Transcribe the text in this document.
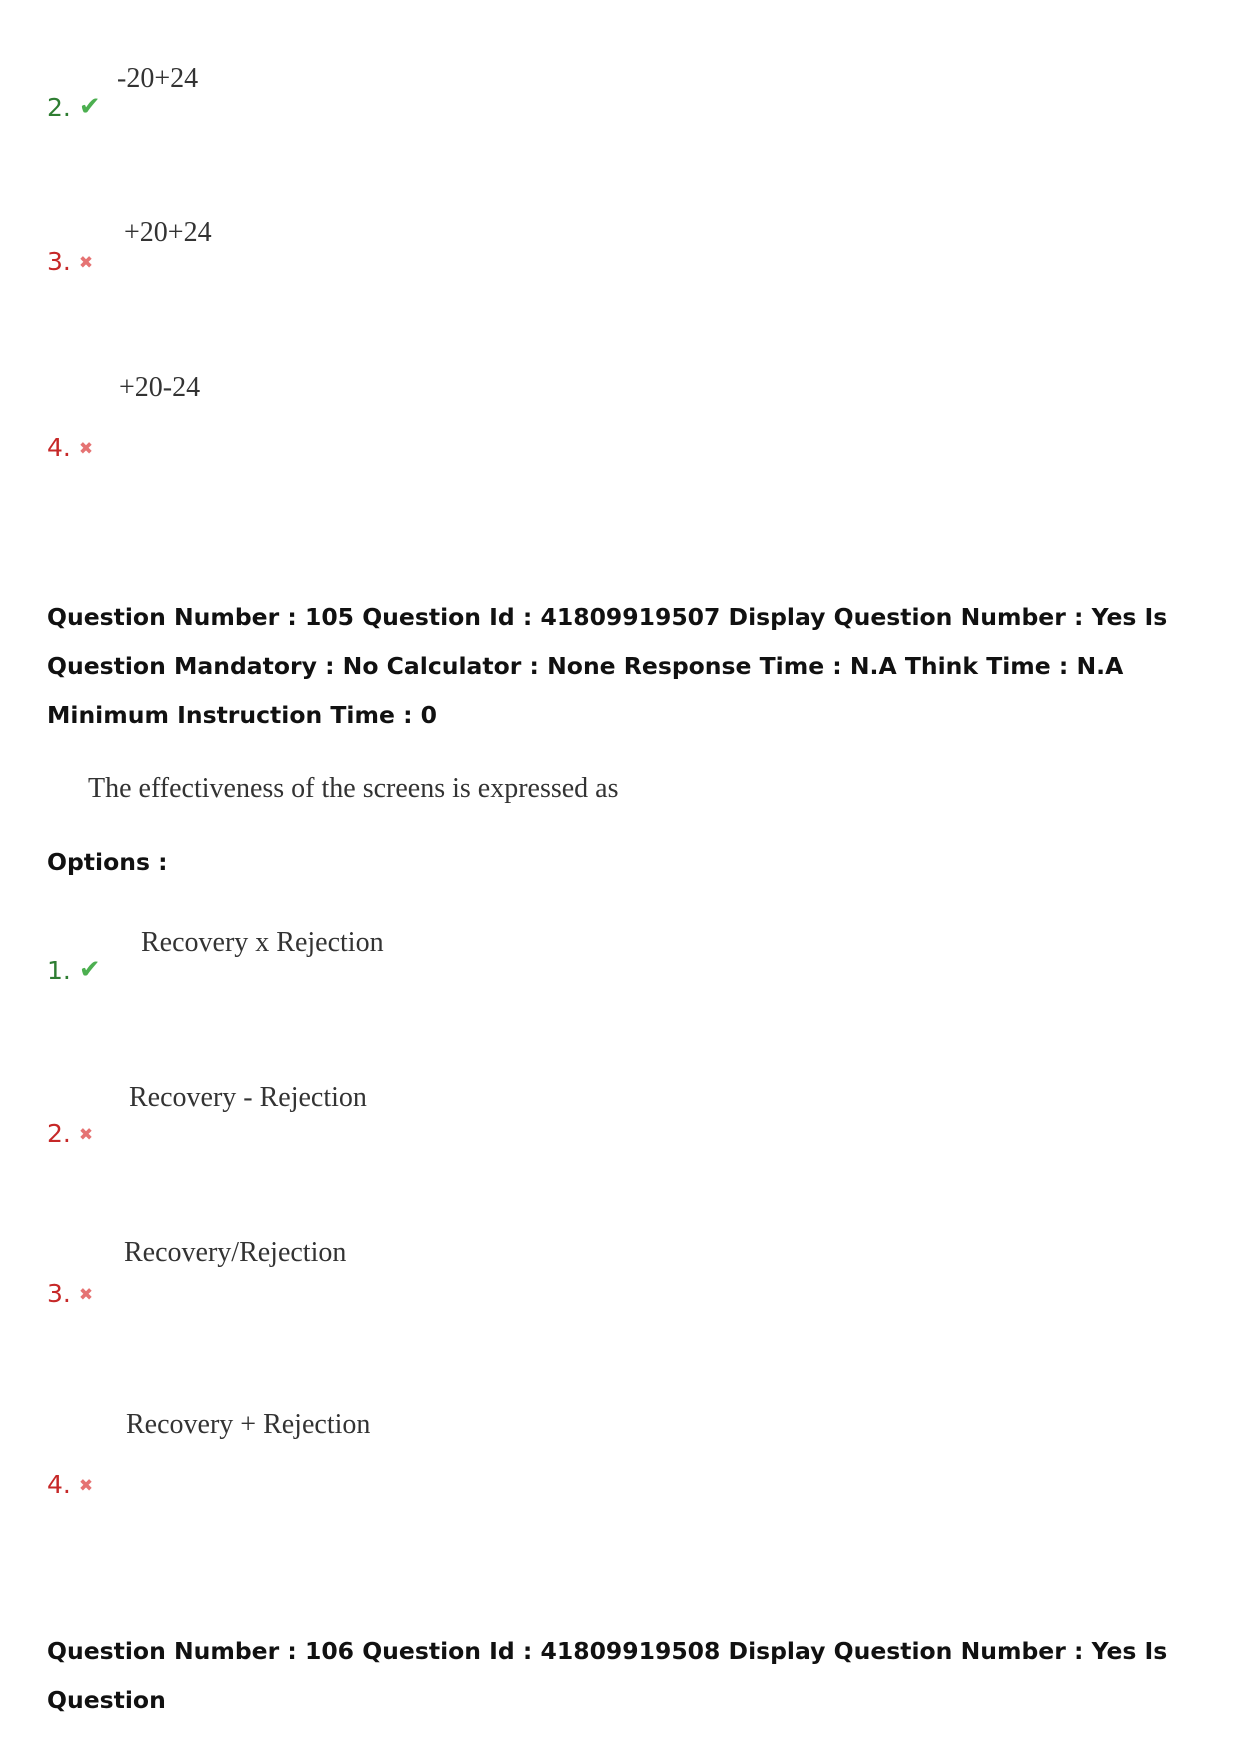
-20+24
2. ✔
+20+24
3. ✖
+20-24
4. ✖
Question Number : 105 Question Id : 41809919507 Display Question Number : Yes Is Question Mandatory : No Calculator : None Response Time : N.A Think Time : N.A Minimum Instruction Time : 0
The effectiveness of the screens is expressed as
Options :
Recovery x Rejection
1. ✔
Recovery - Rejection
2. ✖
Recovery/Rejection
3. ✖
Recovery + Rejection
4. ✖
Question Number : 106 Question Id : 41809919508 Display Question Number : Yes Is Question
